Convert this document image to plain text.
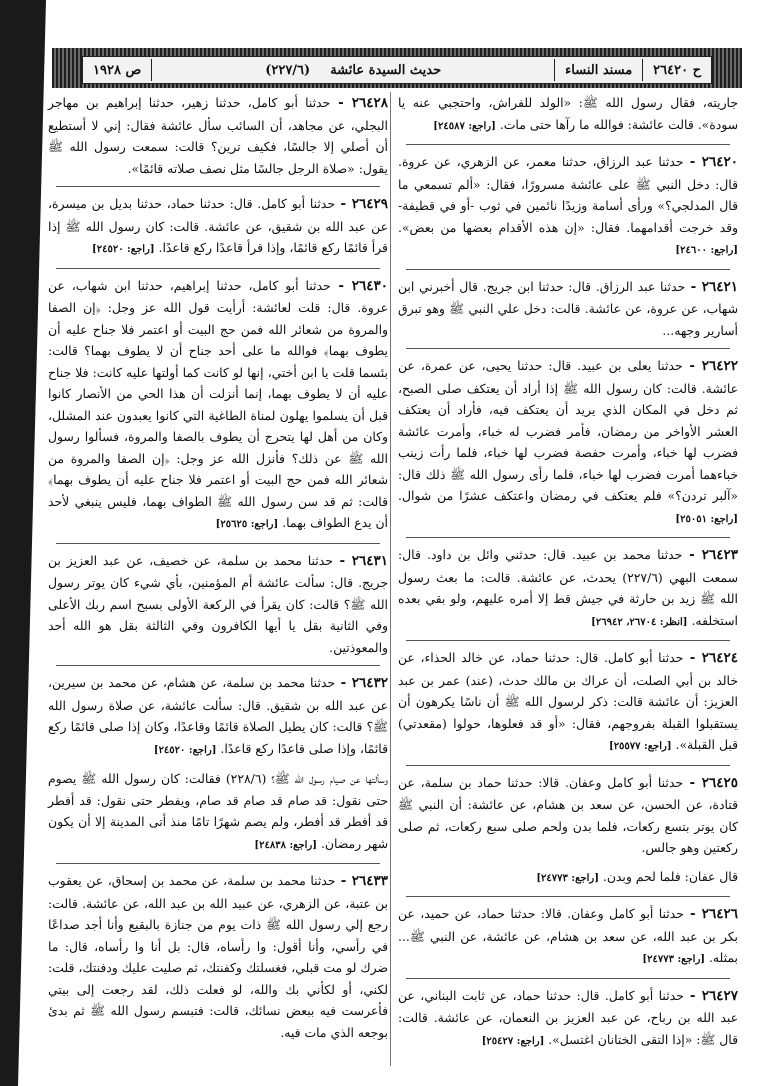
ح ٢٦٤٢٠
مسند النساء
حديث السيدة عائشة
(٢٢٧/٦)
ص ١٩٢٨

جاريته، فقال رسول الله ﷺ: «الولد للفراش، واحتجبي عنه يا سودة». قالت عائشة: فوالله ما رآها حتى مات. [راجع: ٢٤٥٨٧]

٢٦٤٢٠ - حدثنا عبد الرزاق، حدثنا معمر، عن الزهري، عن عروة. قال: دخل النبي ﷺ على عائشة مسرورًا، فقال: «ألم تسمعي ما قال المدلجي؟» ورأى أسامة وزيدًا نائمين في ثوب -أو في قطيفة- وقد خرجت أقدامهما. فقال: «إن هذه الأقدام بعضها من بعض». [راجع: ٢٤٦٠٠]

٢٦٤٢١ - حدثنا عبد الرزاق. قال: حدثنا ابن جريج. قال أخبرني ابن شهاب، عن عروة، عن عائشة. قالت: دخل علي النبي ﷺ وهو تبرق أسارير وجهه...

٢٦٤٢٢ - حدثنا يعلى بن عبيد. قال: حدثنا يحيى، عن عمرة، عن عائشة. قالت: كان رسول الله ﷺ إذا أراد أن يعتكف صلى الصبح، ثم دخل في المكان الذي يريد أن يعتكف فيه، فأراد أن يعتكف العشر الأواخر من رمضان، فأمر فضرب له خباء، وأمرت عائشة فضرب لها خباء، وأمرت حفصة فضرب لها خباء، فلما رأت زينب خباءهما أمرت فضرب لها خباء، فلما رأى رسول الله ﷺ ذلك قال: «آلبر تردن؟» فلم يعتكف في رمضان واعتكف عشرًا من شوال. [راجع: ٢٥٠٥١]

٢٦٤٢٣ - حدثنا محمد بن عبيد. قال: حدثني وائل بن داود. قال: سمعت البهي (٢٢٧/٦) يحدث، عن عائشة. قالت: ما بعث رسول الله ﷺ زيد بن حارثة في جيش قط إلا أمره عليهم، ولو بقي بعده استخلفه. [انظر: ٢٦٧٠٤، ٢٦٩٤٢]

٢٦٤٢٤ - حدثنا أبو كامل. قال: حدثنا حماد، عن خالد الحذاء، عن خالد بن أبي الصلت، أن عراك بن مالك حدث، (عند) عمر بن عبد العزيز: أن عائشة قالت: ذكر لرسول الله ﷺ أن ناسًا يكرهون أن يستقبلوا القبلة بفروجهم، فقال: «أو قد فعلوها، حولوا (مقعدتي) قبل القبلة». [راجع: ٢٥٥٧٧]

٢٦٤٢٥ - حدثنا أبو كامل وعفان. قالا: حدثنا حماد بن سلمة، عن قتادة، عن الحسن، عن سعد بن هشام، عن عائشة: أن النبي ﷺ كان يوتر بتسع ركعات، فلما بدن ولحم صلى سبع ركعات، ثم صلى ركعتين وهو جالس.

قال عفان: فلما لحم وبدن. [راجع: ٢٤٧٧٣]

٢٦٤٢٦ - حدثنا أبو كامل وعفان. قالا: حدثنا حماد، عن حميد، عن بكر بن عبد الله، عن سعد بن هشام، عن عائشة، عن النبي ﷺ... بمثله. [راجع: ٢٤٧٧٣]

٢٦٤٢٧ - حدثنا أبو كامل. قال: حدثنا حماد، عن ثابت البناني، عن عبد الله بن رباح، عن عبد العزيز بن النعمان، عن عائشة. قالت: قال ﷺ: «إذا التقى الختانان اغتسل». [راجع: ٢٥٤٢٧]

٢٦٤٢٨ - حدثنا أبو كامل، حدثنا زهير، حدثنا إبراهيم بن مهاجر البجلي، عن مجاهد، أن السائب سأل عائشة فقال: إني لا أستطيع أن أصلي إلا جالسًا، فكيف ترين؟ قالت: سمعت رسول الله ﷺ يقول: «صلاة الرجل جالسًا مثل نصف صلاته قائمًا».

٢٦٤٢٩ - حدثنا أبو كامل. قال: حدثنا حماد، حدثنا بديل بن ميسرة، عن عبد الله بن شقيق، عن عائشة. قالت: كان رسول الله ﷺ إذا قرأ قائمًا ركع قائمًا، وإذا قرأ قاعدًا ركع قاعدًا. [راجع: ٢٤٥٢٠]

٢٦٤٣٠ - حدثنا أبو كامل، حدثنا إبراهيم، حدثنا ابن شهاب، عن عروة. قال: قلت لعائشة: أرأيت قول الله عز وجل: ﴿إن الصفا والمروة من شعائر الله فمن حج البيت أو اعتمر فلا جناح عليه أن يطوف بهما﴾ فوالله ما على أحد جناح أن لا يطوف بهما؟ قالت: بئسما قلت يا ابن أختي، إنها لو كانت كما أولتها عليه كانت: فلا جناح عليه أن لا يطوف بهما، إنما أنزلت أن هذا الحي من الأنصار كانوا قبل أن يسلموا يهلون لمناة الطاغية التي كانوا يعبدون عند المشلل، وكان من أهل لها يتحرج أن يطوف بالصفا والمروة، فسألوا رسول الله ﷺ عن ذلك؟ فأنزل الله عز وجل: ﴿إن الصفا والمروة من شعائر الله فمن حج البيت أو اعتمر فلا جناح عليه أن يطوف بهما﴾ قالت: ثم قد سن رسول الله ﷺ الطواف بهما، فليس ينبغي لأحد أن يدع الطواف بهما. [راجع: ٢٥٦٢٥]

٢٦٤٣١ - حدثنا محمد بن سلمة، عن خصيف، عن عبد العزيز بن جريج. قال: سألت عائشة أم المؤمنين، بأي شيء كان يوتر رسول الله ﷺ؟ قالت: كان يقرأ في الركعة الأولى بسبح اسم ربك الأعلى وفي الثانية بقل يا أيها الكافرون وفي الثالثة بقل هو الله أحد والمعوذتين.

٢٦٤٣٢ - حدثنا محمد بن سلمة، عن هشام، عن محمد بن سيرين، عن عبد الله بن شقيق. قال: سألت عائشة، عن صلاة رسول الله ﷺ؟ قالت: كان يطيل الصلاة قائمًا وقاعدًا، وكان إذا صلى قائمًا ركع قائمًا، وإذا صلى قاعدًا ركع قاعدًا. [راجع: ٢٤٥٢٠]

وسألتها عن صيام رسول الله ﷺ؟ (٢٢٨/٦) فقالت: كان رسول الله ﷺ يصوم حتى نقول: قد صام قد صام قد صام، ويفطر حتى نقول: قد أفطر قد أفطر قد أفطر، ولم يصم شهرًا تامًا منذ أتى المدينة إلا أن يكون شهر رمضان. [راجع: ٢٤٨٣٨]

٢٦٤٣٣ - حدثنا محمد بن سلمة، عن محمد بن إسحاق، عن يعقوب بن عتبة، عن الزهري، عن عبيد الله بن عبد الله، عن عائشة. قالت: رجع إلي رسول الله ﷺ ذات يوم من جنازة بالبقيع وأنا أجد صداعًا في رأسي، وأنا أقول: وا رأساه، قال: بل أنا وا رأساه، قال: ما ضرك لو مت قبلي، فغسلتك وكفنتك، ثم صليت عليك ودفنتك، قلت: لكني، أو لكأني بك والله، لو فعلت ذلك، لقد رجعت إلى بيتي فأعرست فيه ببعض نسائك، قالت: فتبسم رسول الله ﷺ ثم بدئ بوجعه الذي مات فيه.
